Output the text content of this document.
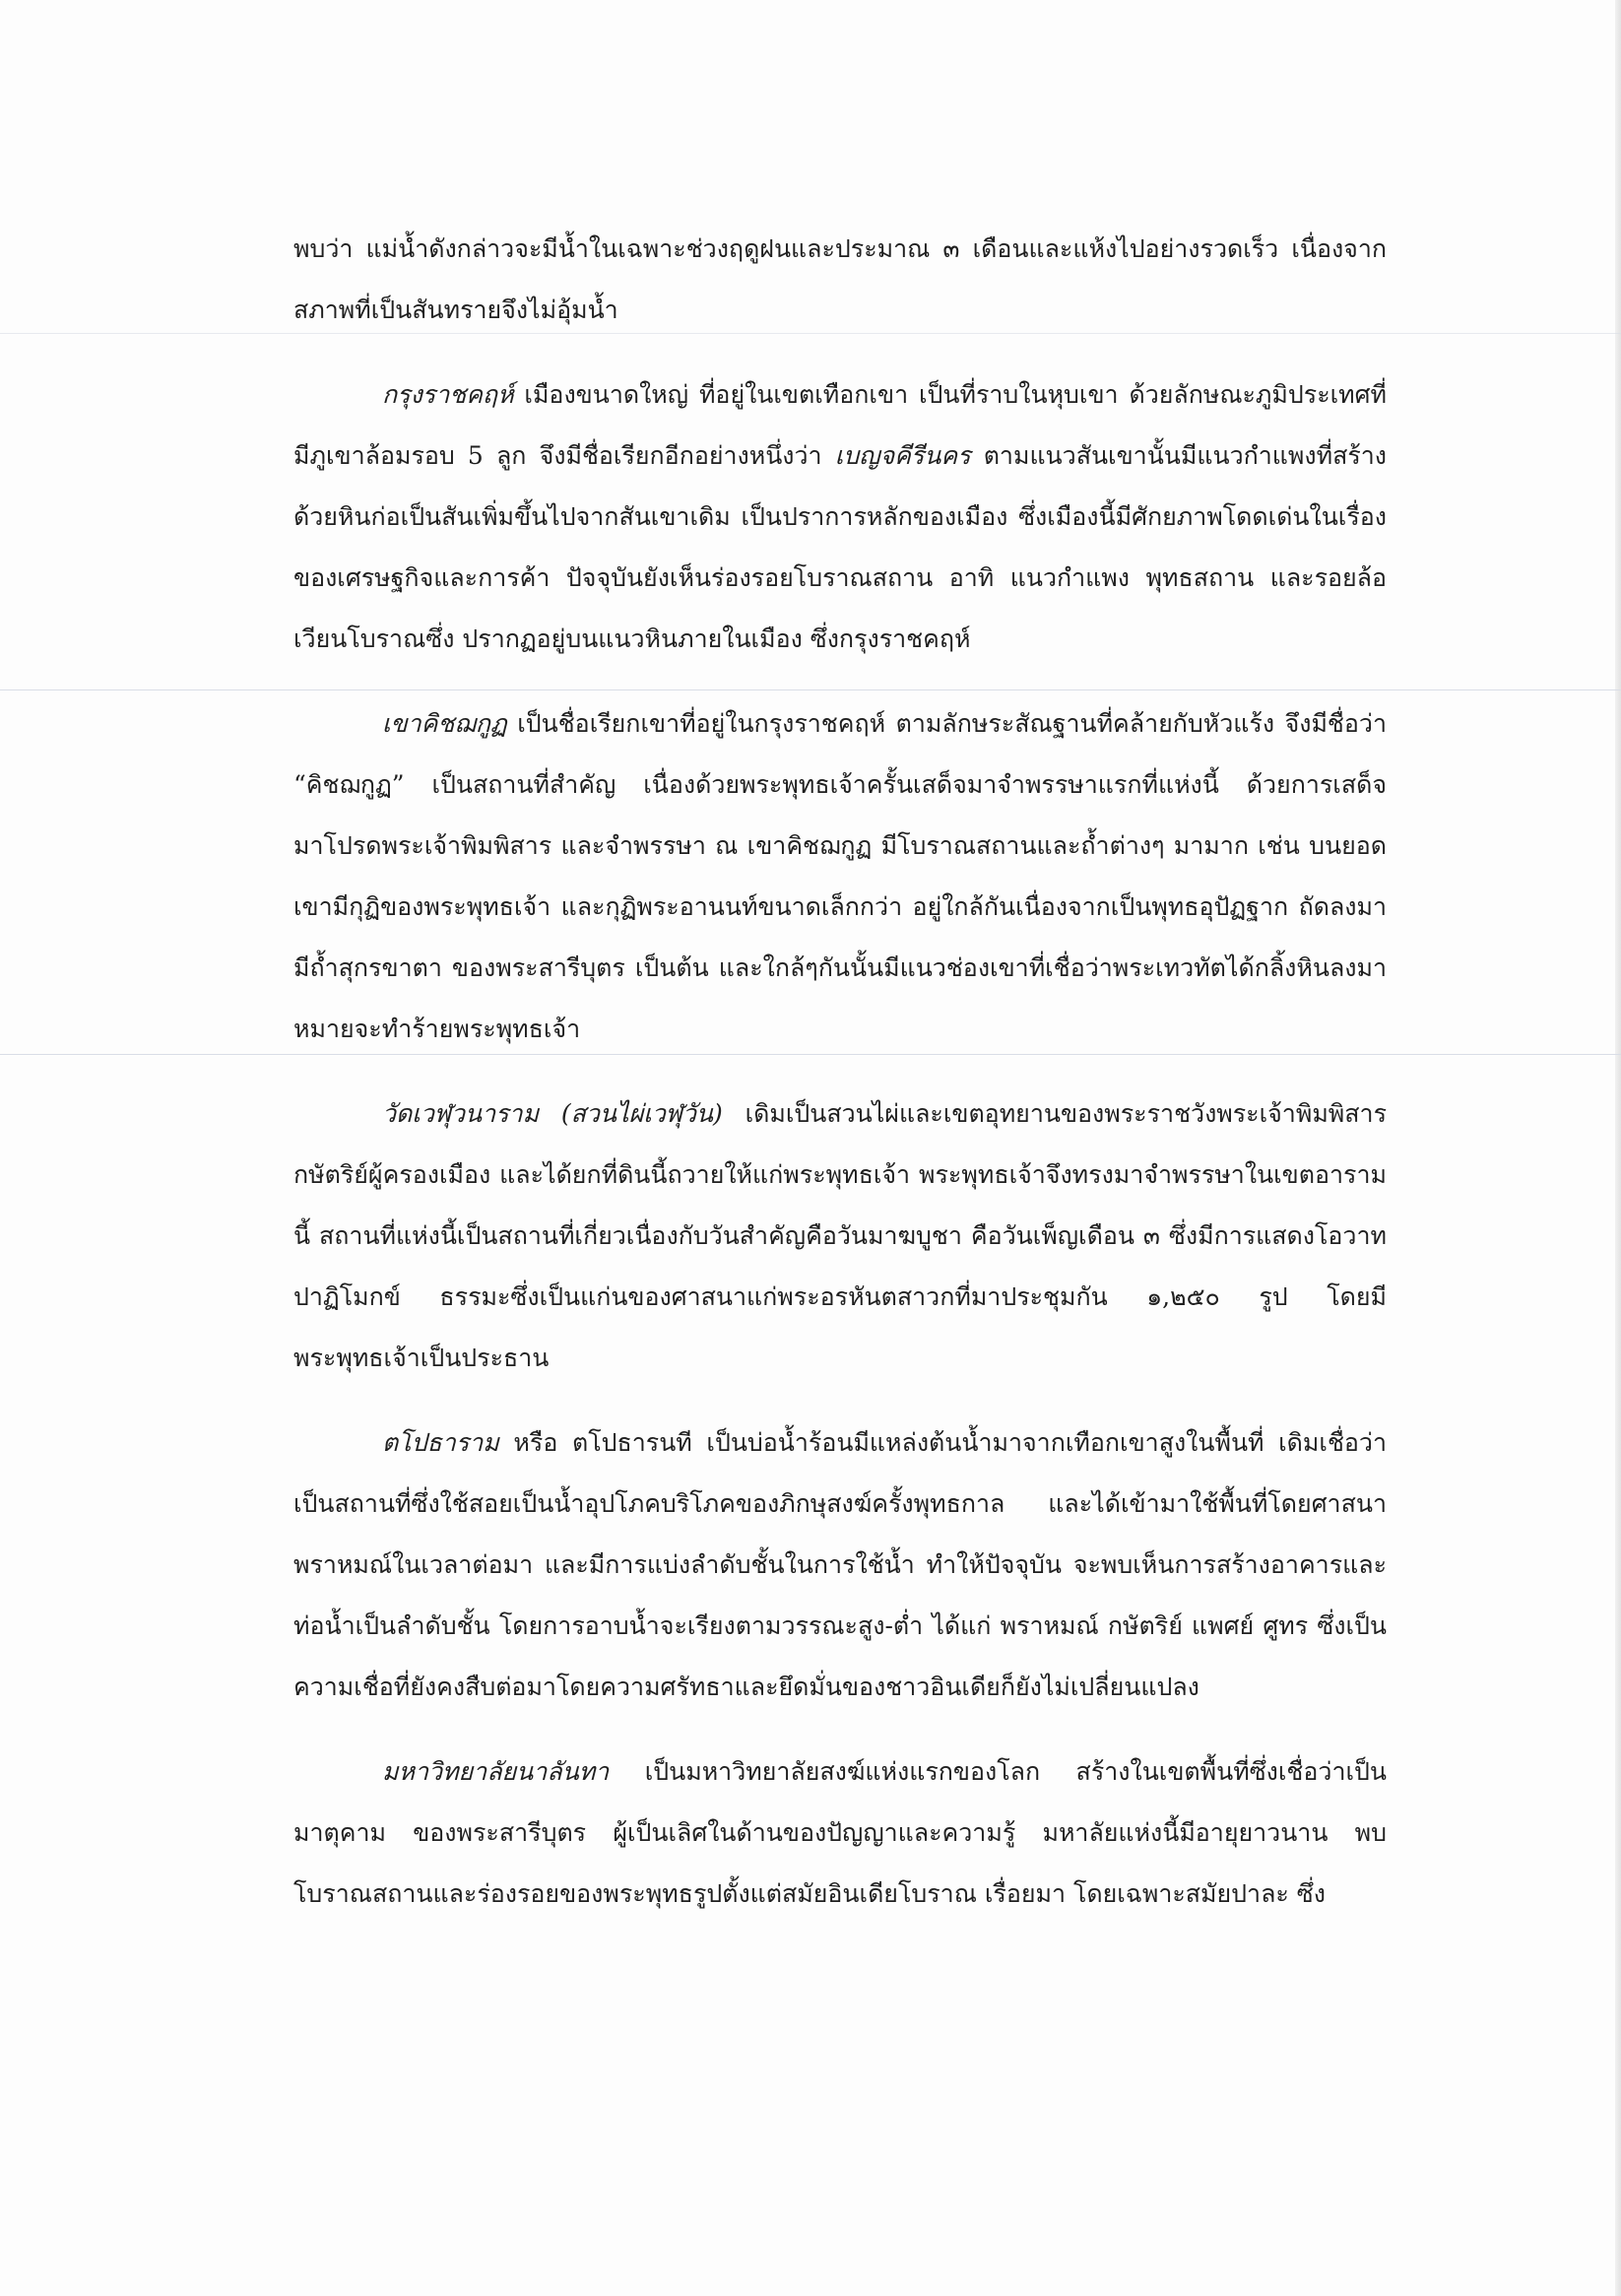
พบว่า แม่น้ำดังกล่าวจะมีน้ำในเฉพาะช่วงฤดูฝนและประมาณ ๓ เดือนและแห้งไปอย่างรวดเร็ว เนื่องจากสภาพที่เป็นสันทรายจึงไม่อุ้มน้ำ

กรุงราชคฤห์ เมืองขนาดใหญ่ ที่อยู่ในเขตเทือกเขา เป็นที่ราบในหุบเขา ด้วยลักษณะภูมิประเทศที่มีภูเขาล้อมรอบ 5 ลูก จึงมีชื่อเรียกอีกอย่างหนึ่งว่า เบญจคีรีนคร ตามแนวสันเขานั้นมีแนวกำแพงที่สร้างด้วยหินก่อเป็นสันเพิ่มขึ้นไปจากสันเขาเดิม เป็นปราการหลักของเมือง ซึ่งเมืองนี้มีศักยภาพโดดเด่นในเรื่องของเศรษฐกิจและการค้า ปัจจุบันยังเห็นร่องรอยโบราณสถาน อาทิ แนวกำแพง พุทธสถาน และรอยล้อเวียนโบราณซึ่ง ปรากฏอยู่บนแนวหินภายในเมือง ซึ่งกรุงราชคฤห์

เขาคิชฌกูฏ เป็นชื่อเรียกเขาที่อยู่ในกรุงราชคฤห์ ตามลักษระสัณฐานที่คล้ายกับหัวแร้ง จึงมีชื่อว่า “คิชฌกูฏ” เป็นสถานที่สำคัญ เนื่องด้วยพระพุทธเจ้าครั้นเสด็จมาจำพรรษาแรกที่แห่งนี้ ด้วยการเสด็จมาโปรดพระเจ้าพิมพิสาร และจำพรรษา ณ เขาคิชฌกูฏ มีโบราณสถานและถ้ำต่างๆ มามาก เช่น บนยอดเขามีกุฏิของพระพุทธเจ้า และกุฏิพระอานนท์ขนาดเล็กกว่า อยู่ใกล้กันเนื่องจากเป็นพุทธอุปัฏฐาก ถัดลงมามีถ้ำสุกรขาตา ของพระสารีบุตร เป็นต้น และใกล้ๆกันนั้นมีแนวช่องเขาที่เชื่อว่าพระเทวทัตได้กลิ้งหินลงมาหมายจะทำร้ายพระพุทธเจ้า

วัดเวฬุวนาราม (สวนไผ่เวฬุวัน) เดิมเป็นสวนไผ่และเขตอุทยานของพระราชวังพระเจ้าพิมพิสาร กษัตริย์ผู้ครองเมือง และได้ยกที่ดินนี้ถวายให้แก่พระพุทธเจ้า พระพุทธเจ้าจึงทรงมาจำพรรษาในเขตอารามนี้ สถานที่แห่งนี้เป็นสถานที่เกี่ยวเนื่องกับวันสำคัญคือวันมาฆบูชา คือวันเพ็ญเดือน ๓ ซึ่งมีการแสดงโอวาทปาฏิโมกข์ ธรรมะซึ่งเป็นแก่นของศาสนาแก่พระอรหันตสาวกที่มาประชุมกัน ๑,๒๕๐ รูป โดยมีพระพุทธเจ้าเป็นประธาน

ตโปธาราม หรือ ตโปธารนที เป็นบ่อน้ำร้อนมีแหล่งต้นน้ำมาจากเทือกเขาสูงในพื้นที่ เดิมเชื่อว่าเป็นสถานที่ซึ่งใช้สอยเป็นน้ำอุปโภคบริโภคของภิกษุสงฆ์ครั้งพุทธกาล และได้เข้ามาใช้พื้นที่โดยศาสนาพราหมณ์ในเวลาต่อมา และมีการแบ่งลำดับชั้นในการใช้น้ำ ทำให้ปัจจุบัน จะพบเห็นการสร้างอาคารและท่อน้ำเป็นลำดับชั้น โดยการอาบน้ำจะเรียงตามวรรณะสูง-ต่ำ ได้แก่ พราหมณ์ กษัตริย์ แพศย์ ศูทร ซึ่งเป็นความเชื่อที่ยังคงสืบต่อมาโดยความศรัทธาและยึดมั่นของชาวอินเดียก็ยังไม่เปลี่ยนแปลง

มหาวิทยาลัยนาลันทา เป็นมหาวิทยาลัยสงฆ์แห่งแรกของโลก สร้างในเขตพื้นที่ซึ่งเชื่อว่าเป็นมาตุคาม ของพระสารีบุตร ผู้เป็นเลิศในด้านของปัญญาและความรู้ มหาลัยแห่งนี้มีอายุยาวนาน พบโบราณสถานและร่องรอยของพระพุทธรูปตั้งแต่สมัยอินเดียโบราณ เรื่อยมา โดยเฉพาะสมัยปาละ ซึ่ง
